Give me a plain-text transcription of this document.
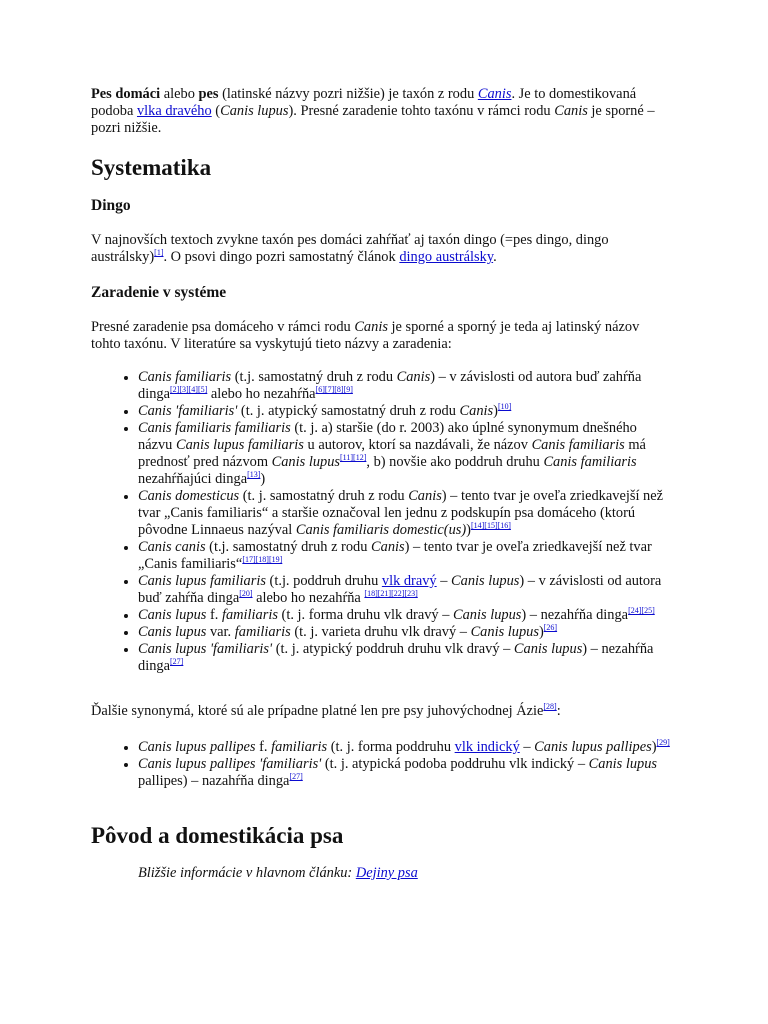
Pes domáci alebo pes (latinské názvy pozri nižšie) je taxón z rodu Canis. Je to domestikovaná podoba vlka dravého (Canis lupus). Presné zaradenie tohto taxónu v rámci rodu Canis je sporné – pozri nižšie.

Systematika
Dingo

V najnovších textoch zvykne taxón pes domáci zahŕňať aj taxón dingo (=pes dingo, dingo austrálsky)[1]. O psovi dingo pozri samostatný článok dingo austrálsky.

Zaradenie v systéme

Presné zaradenie psa domáceho v rámci rodu Canis je sporné a sporný je teda aj latinský názov tohto taxónu. V literatúre sa vyskytujú tieto názvy a zaradenia:

• Canis familiaris (t.j. samostatný druh z rodu Canis) – v závislosti od autora buď zahŕňa dinga[2][3][4][5] alebo ho nezahŕňa[6][7][8][9]
• Canis 'familiaris' (t. j. atypický samostatný druh z rodu Canis)[10]
• Canis familiaris familiaris (t. j. a) staršie (do r. 2003) ako úplné synonymum dnešného názvu Canis lupus familiaris u autorov, ktorí sa nazdávali, že názov Canis familiaris má prednosť pred názvom Canis lupus[11][12], b) novšie ako poddruh druhu Canis familiaris nezahŕňajúci dinga[13])
• Canis domesticus (t. j. samostatný druh z rodu Canis) – tento tvar je oveľa zriedkavejší než tvar „Canis familiaris“ a staršie označoval len jednu z podskupín psa domáceho (ktorú pôvodne Linnaeus nazýval Canis familiaris domestic(us))[14][15][16]
• Canis canis (t.j. samostatný druh z rodu Canis) – tento tvar je oveľa zriedkavejší než tvar „Canis familiaris“[17][18][19]
• Canis lupus familiaris (t.j. poddruh druhu vlk dravý – Canis lupus) – v závislosti od autora buď zahŕňa dinga[20] alebo ho nezahŕňa [18][21][22][23]
• Canis lupus f. familiaris (t. j. forma druhu vlk dravý – Canis lupus) – nezahŕňa dinga[24][25]
• Canis lupus var. familiaris (t. j. varieta druhu vlk dravý – Canis lupus)[26]
• Canis lupus 'familiaris' (t. j. atypický poddruh druhu vlk dravý – Canis lupus) – nezahŕňa dinga[27]

Ďalšie synonymá, ktoré sú ale prípadne platné len pre psy juhovýchodnej Ázie[28]:

• Canis lupus pallipes f. familiaris (t. j. forma poddruhu vlk indický – Canis lupus pallipes)[29]
• Canis lupus pallipes 'familiaris' (t. j. atypická podoba poddruhu vlk indický – Canis lupus pallipes) – nazahŕňa dinga[27]
Pôvod a domestikácia psa
Bližšie informácie v hlavnom článku: Dejiny psa
